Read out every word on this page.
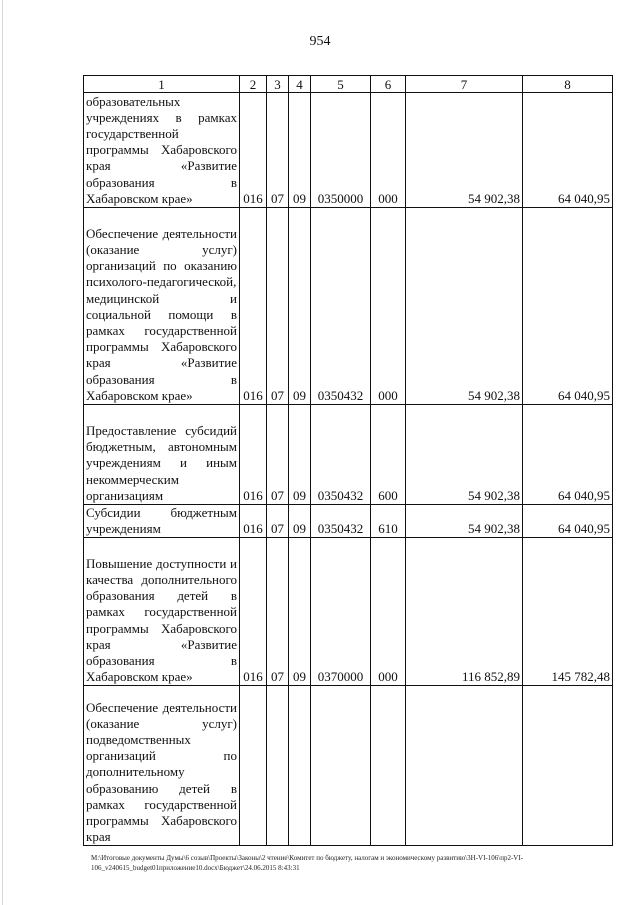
954
1	2	3	4	5	6	7	8
образовательных учреждениях в рамках государственной программы Хабаровского края «Развитие образования в Хабаровском крае»	016	07	09	0350000	000	54 902,38	64 040,95
Обеспечение деятельности (оказание услуг) организаций по оказанию психолого-педагогической, медицинской и социальной помощи в рамках государственной программы Хабаровского края «Развитие образования в Хабаровском крае»	016	07	09	0350432	000	54 902,38	64 040,95
Предоставление субсидий бюджетным, автономным учреждениям и иным некоммерческим организациям	016	07	09	0350432	600	54 902,38	64 040,95
Субсидии бюджетным учреждениям	016	07	09	0350432	610	54 902,38	64 040,95
Повышение доступности и качества дополнительного образования детей в рамках государственной программы Хабаровского края «Развитие образования в Хабаровском крае»	016	07	09	0370000	000	116 852,89	145 782,48
Обеспечение деятельности (оказание услуг) подведомственных организаций по дополнительному образованию детей в рамках государственной программы Хабаровского края							
M:\Итоговые документы Думы\6 созыв\Проекты\Законы\2 чтение\Комитет по бюджету, налогам и экономическому развитию\3Н-VI-106\пр2-VI-106_v240615_budget01приложение10.docx\Бюджет\24.06.2015 8:43:31
